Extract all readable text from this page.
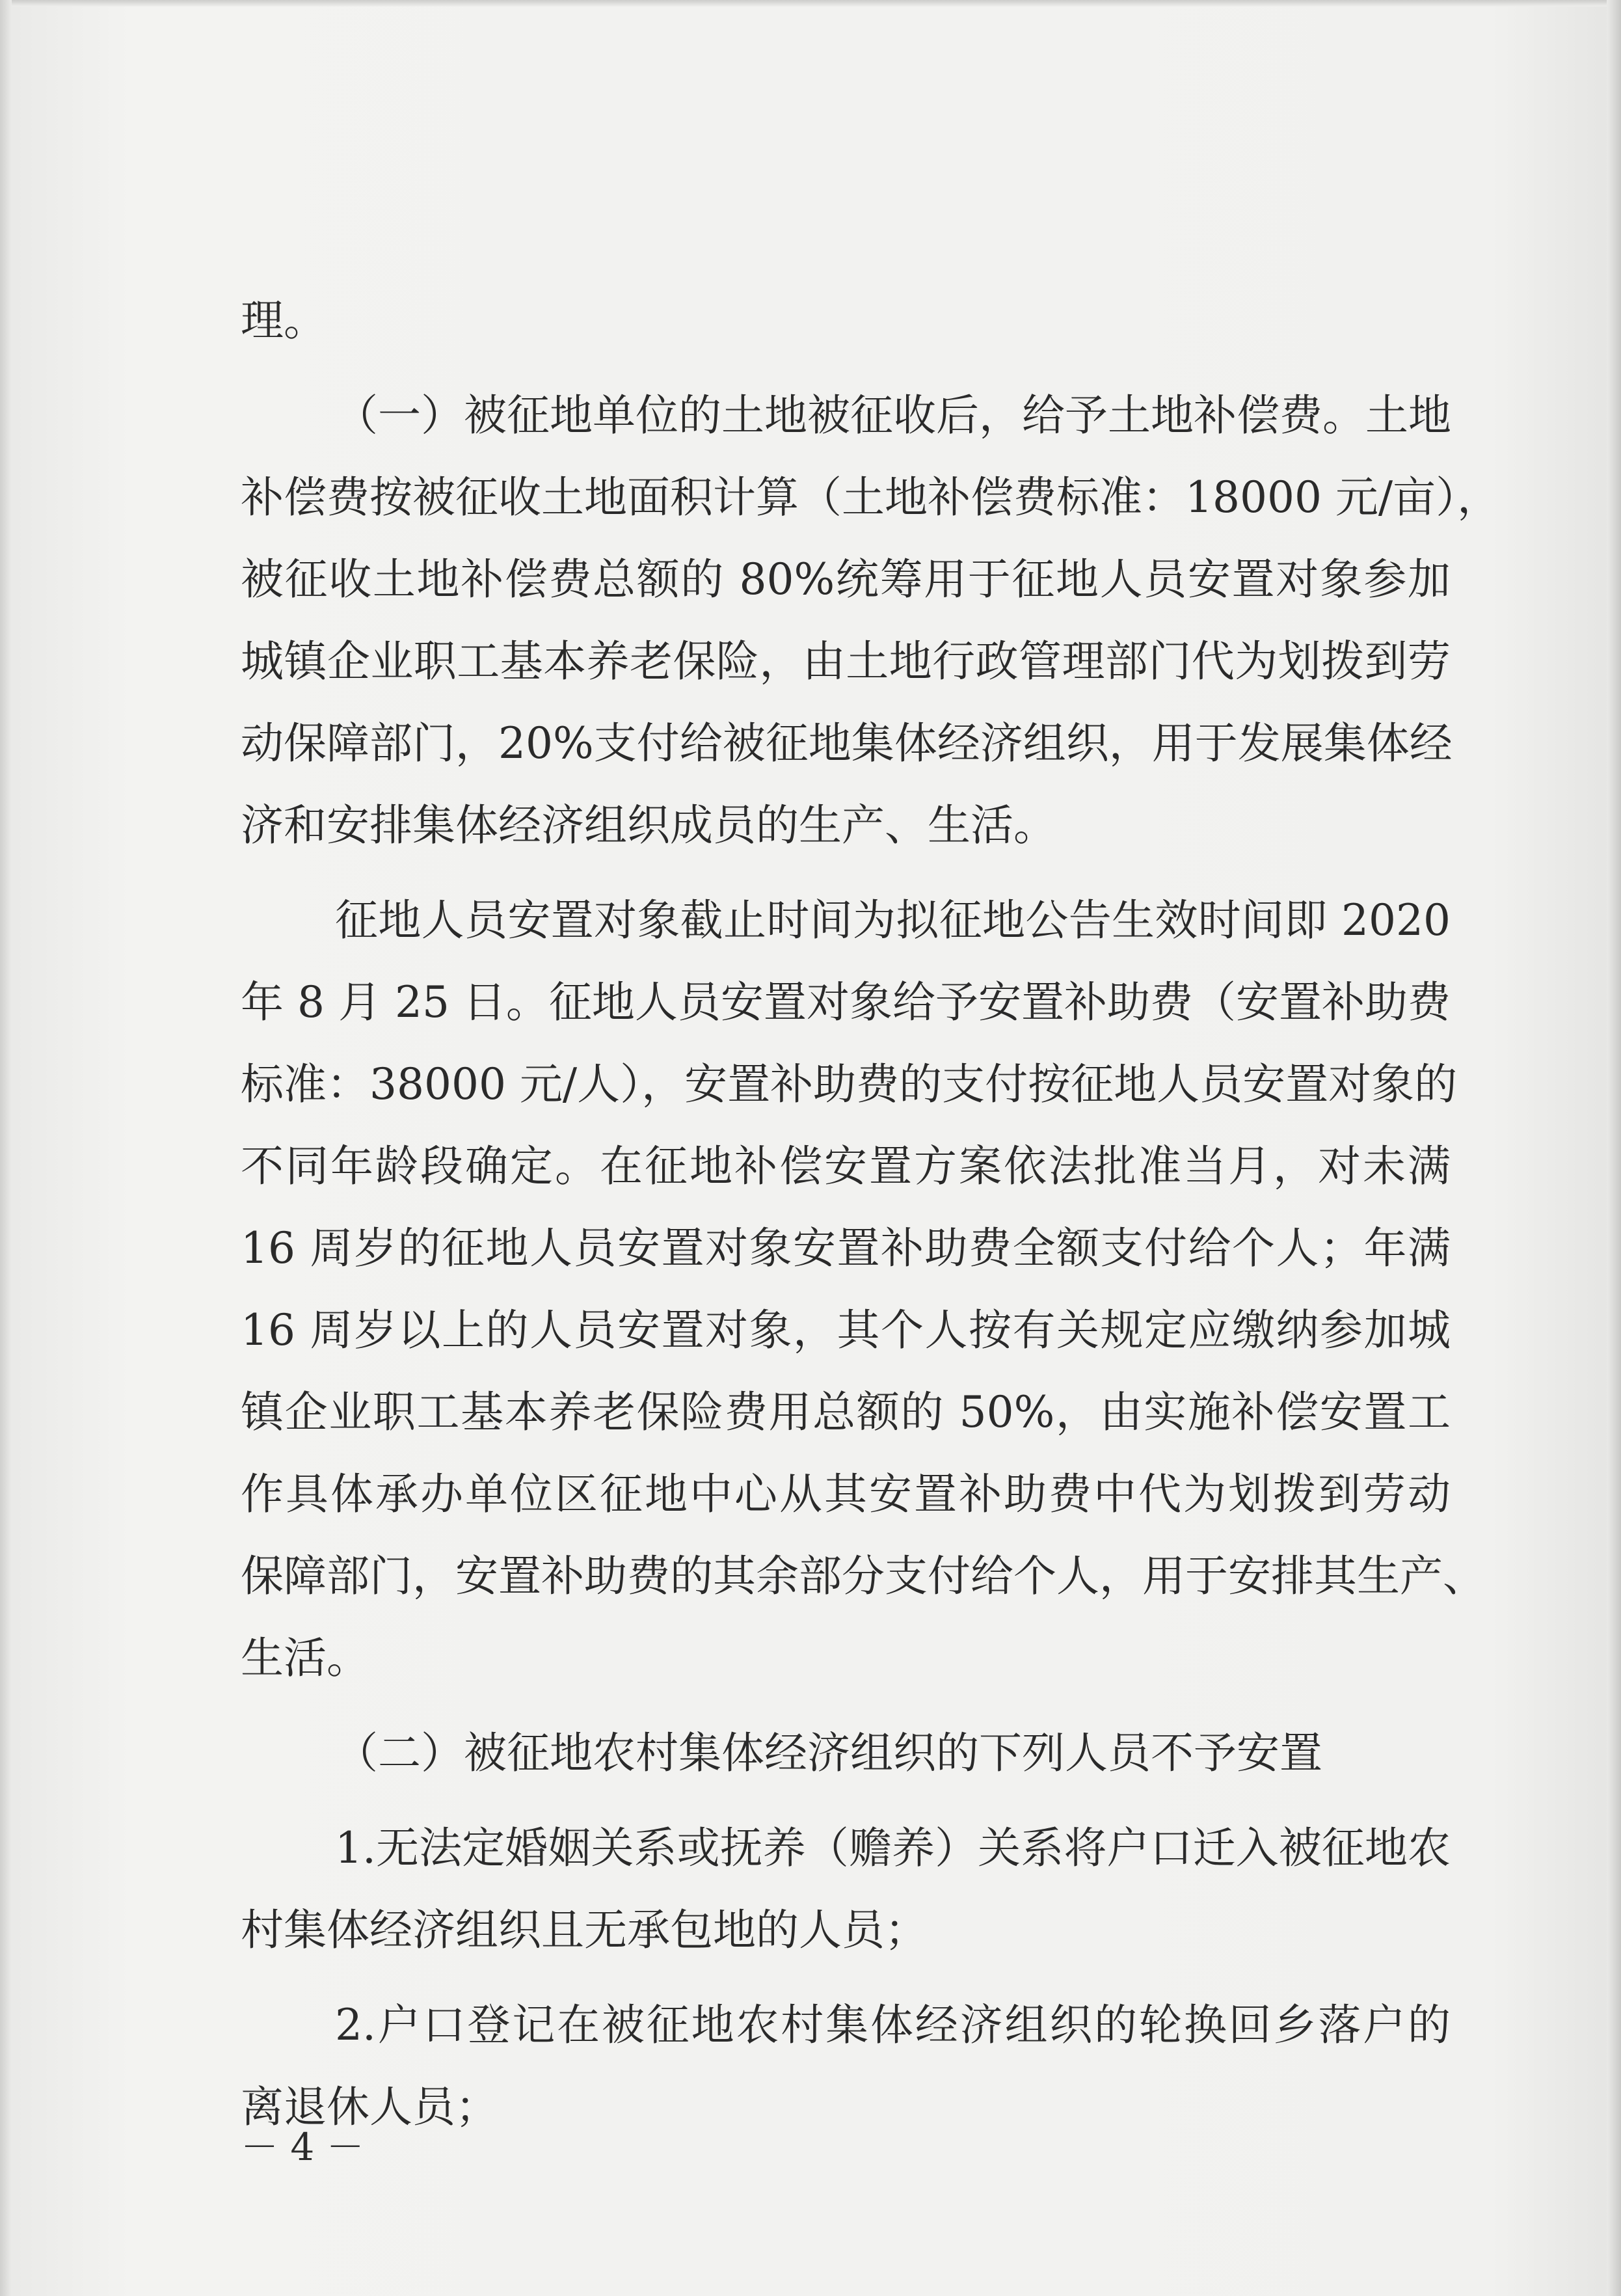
理。
（一）被征地单位的土地被征收后，给予土地补偿费。土地
补偿费按被征收土地面积计算（土地补偿费标准：18000 元/亩），
被征收土地补偿费总额的 80%统筹用于征地人员安置对象参加
城镇企业职工基本养老保险，由土地行政管理部门代为划拨到劳
动保障部门，20%支付给被征地集体经济组织，用于发展集体经
济和安排集体经济组织成员的生产、生活。
征地人员安置对象截止时间为拟征地公告生效时间即 2020
年 8 月 25 日。征地人员安置对象给予安置补助费（安置补助费
标准：38000 元/人），安置补助费的支付按征地人员安置对象的
不同年龄段确定。在征地补偿安置方案依法批准当月，对未满
16 周岁的征地人员安置对象安置补助费全额支付给个人；年满
16 周岁以上的人员安置对象，其个人按有关规定应缴纳参加城
镇企业职工基本养老保险费用总额的 50%，由实施补偿安置工
作具体承办单位区征地中心从其安置补助费中代为划拨到劳动
保障部门，安置补助费的其余部分支付给个人，用于安排其生产、
生活。
（二）被征地农村集体经济组织的下列人员不予安置
1.无法定婚姻关系或抚养（赡养）关系将户口迁入被征地农
村集体经济组织且无承包地的人员；
2.户口登记在被征地农村集体经济组织的轮换回乡落户的
离退休人员；
－ 4 －
